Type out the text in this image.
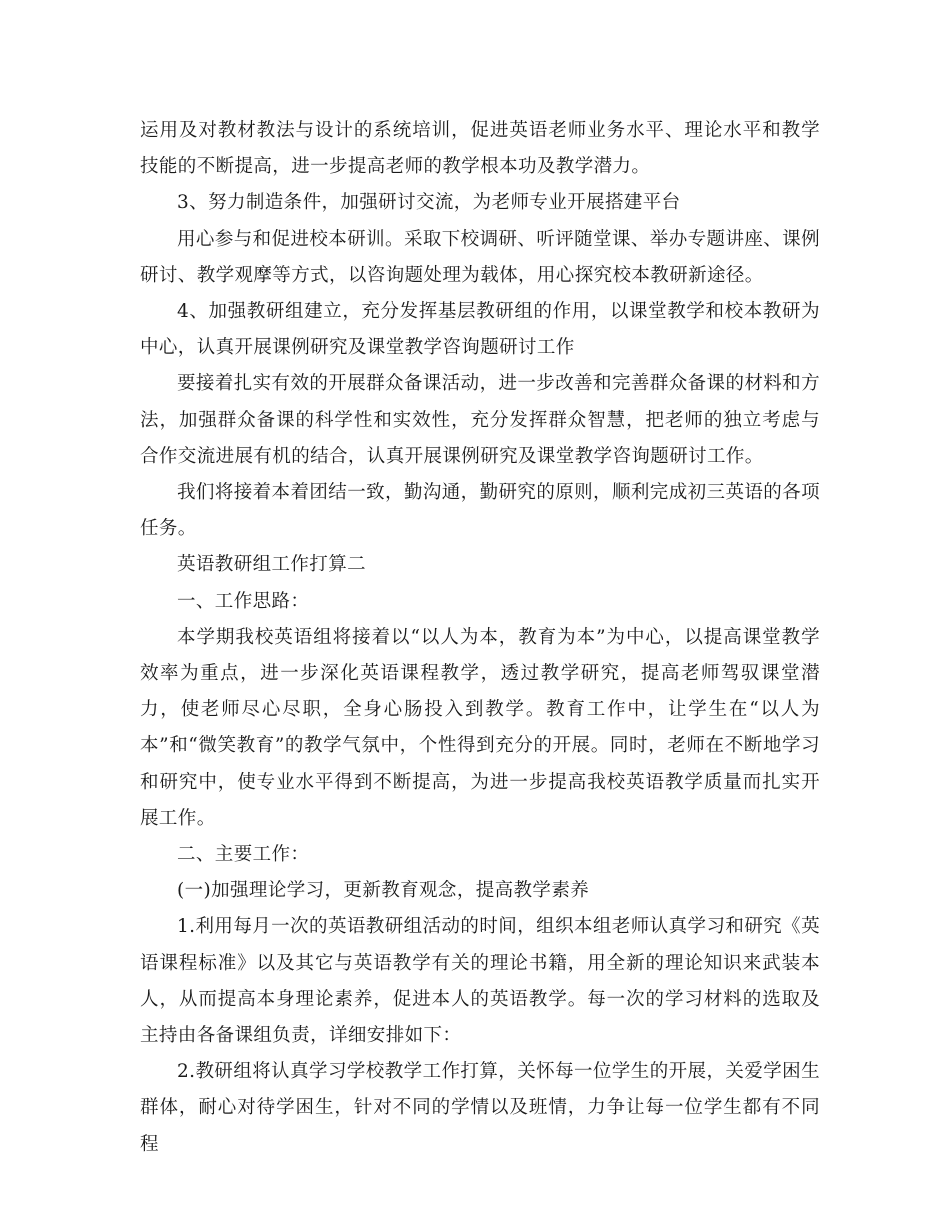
运用及对教材教法与设计的系统培训，促进英语老师业务水平、理论水平和教学技能的不断提高，进一步提高老师的教学根本功及教学潜力。

3、努力制造条件，加强研讨交流，为老师专业开展搭建平台

用心参与和促进校本研训。采取下校调研、听评随堂课、举办专题讲座、课例研讨、教学观摩等方式，以咨询题处理为载体，用心探究校本教研新途径。

4、加强教研组建立，充分发挥基层教研组的作用，以课堂教学和校本教研为中心，认真开展课例研究及课堂教学咨询题研讨工作

要接着扎实有效的开展群众备课活动，进一步改善和完善群众备课的材料和方法，加强群众备课的科学性和实效性，充分发挥群众智慧，把老师的独立考虑与合作交流进展有机的结合，认真开展课例研究及课堂教学咨询题研讨工作。

我们将接着本着团结一致，勤沟通，勤研究的原则，顺利完成初三英语的各项任务。

英语教研组工作打算二

一、工作思路：

本学期我校英语组将接着以“以人为本，教育为本”为中心，以提高课堂教学效率为重点，进一步深化英语课程教学，透过教学研究，提高老师驾驭课堂潜力，使老师尽心尽职，全身心肠投入到教学。教育工作中，让学生在“以人为本”和“微笑教育”的教学气氛中，个性得到充分的开展。同时，老师在不断地学习和研究中，使专业水平得到不断提高，为进一步提高我校英语教学质量而扎实开展工作。

二、主要工作：

(一)加强理论学习，更新教育观念，提高教学素养

1.利用每月一次的英语教研组活动的时间，组织本组老师认真学习和研究《英语课程标准》以及其它与英语教学有关的理论书籍，用全新的理论知识来武装本人，从而提高本身理论素养，促进本人的英语教学。每一次的学习材料的选取及主持由各备课组负责，详细安排如下：

2.教研组将认真学习学校教学工作打算，关怀每一位学生的开展，关爱学困生群体，耐心对待学困生，针对不同的学情以及班情，力争让每一位学生都有不同程
